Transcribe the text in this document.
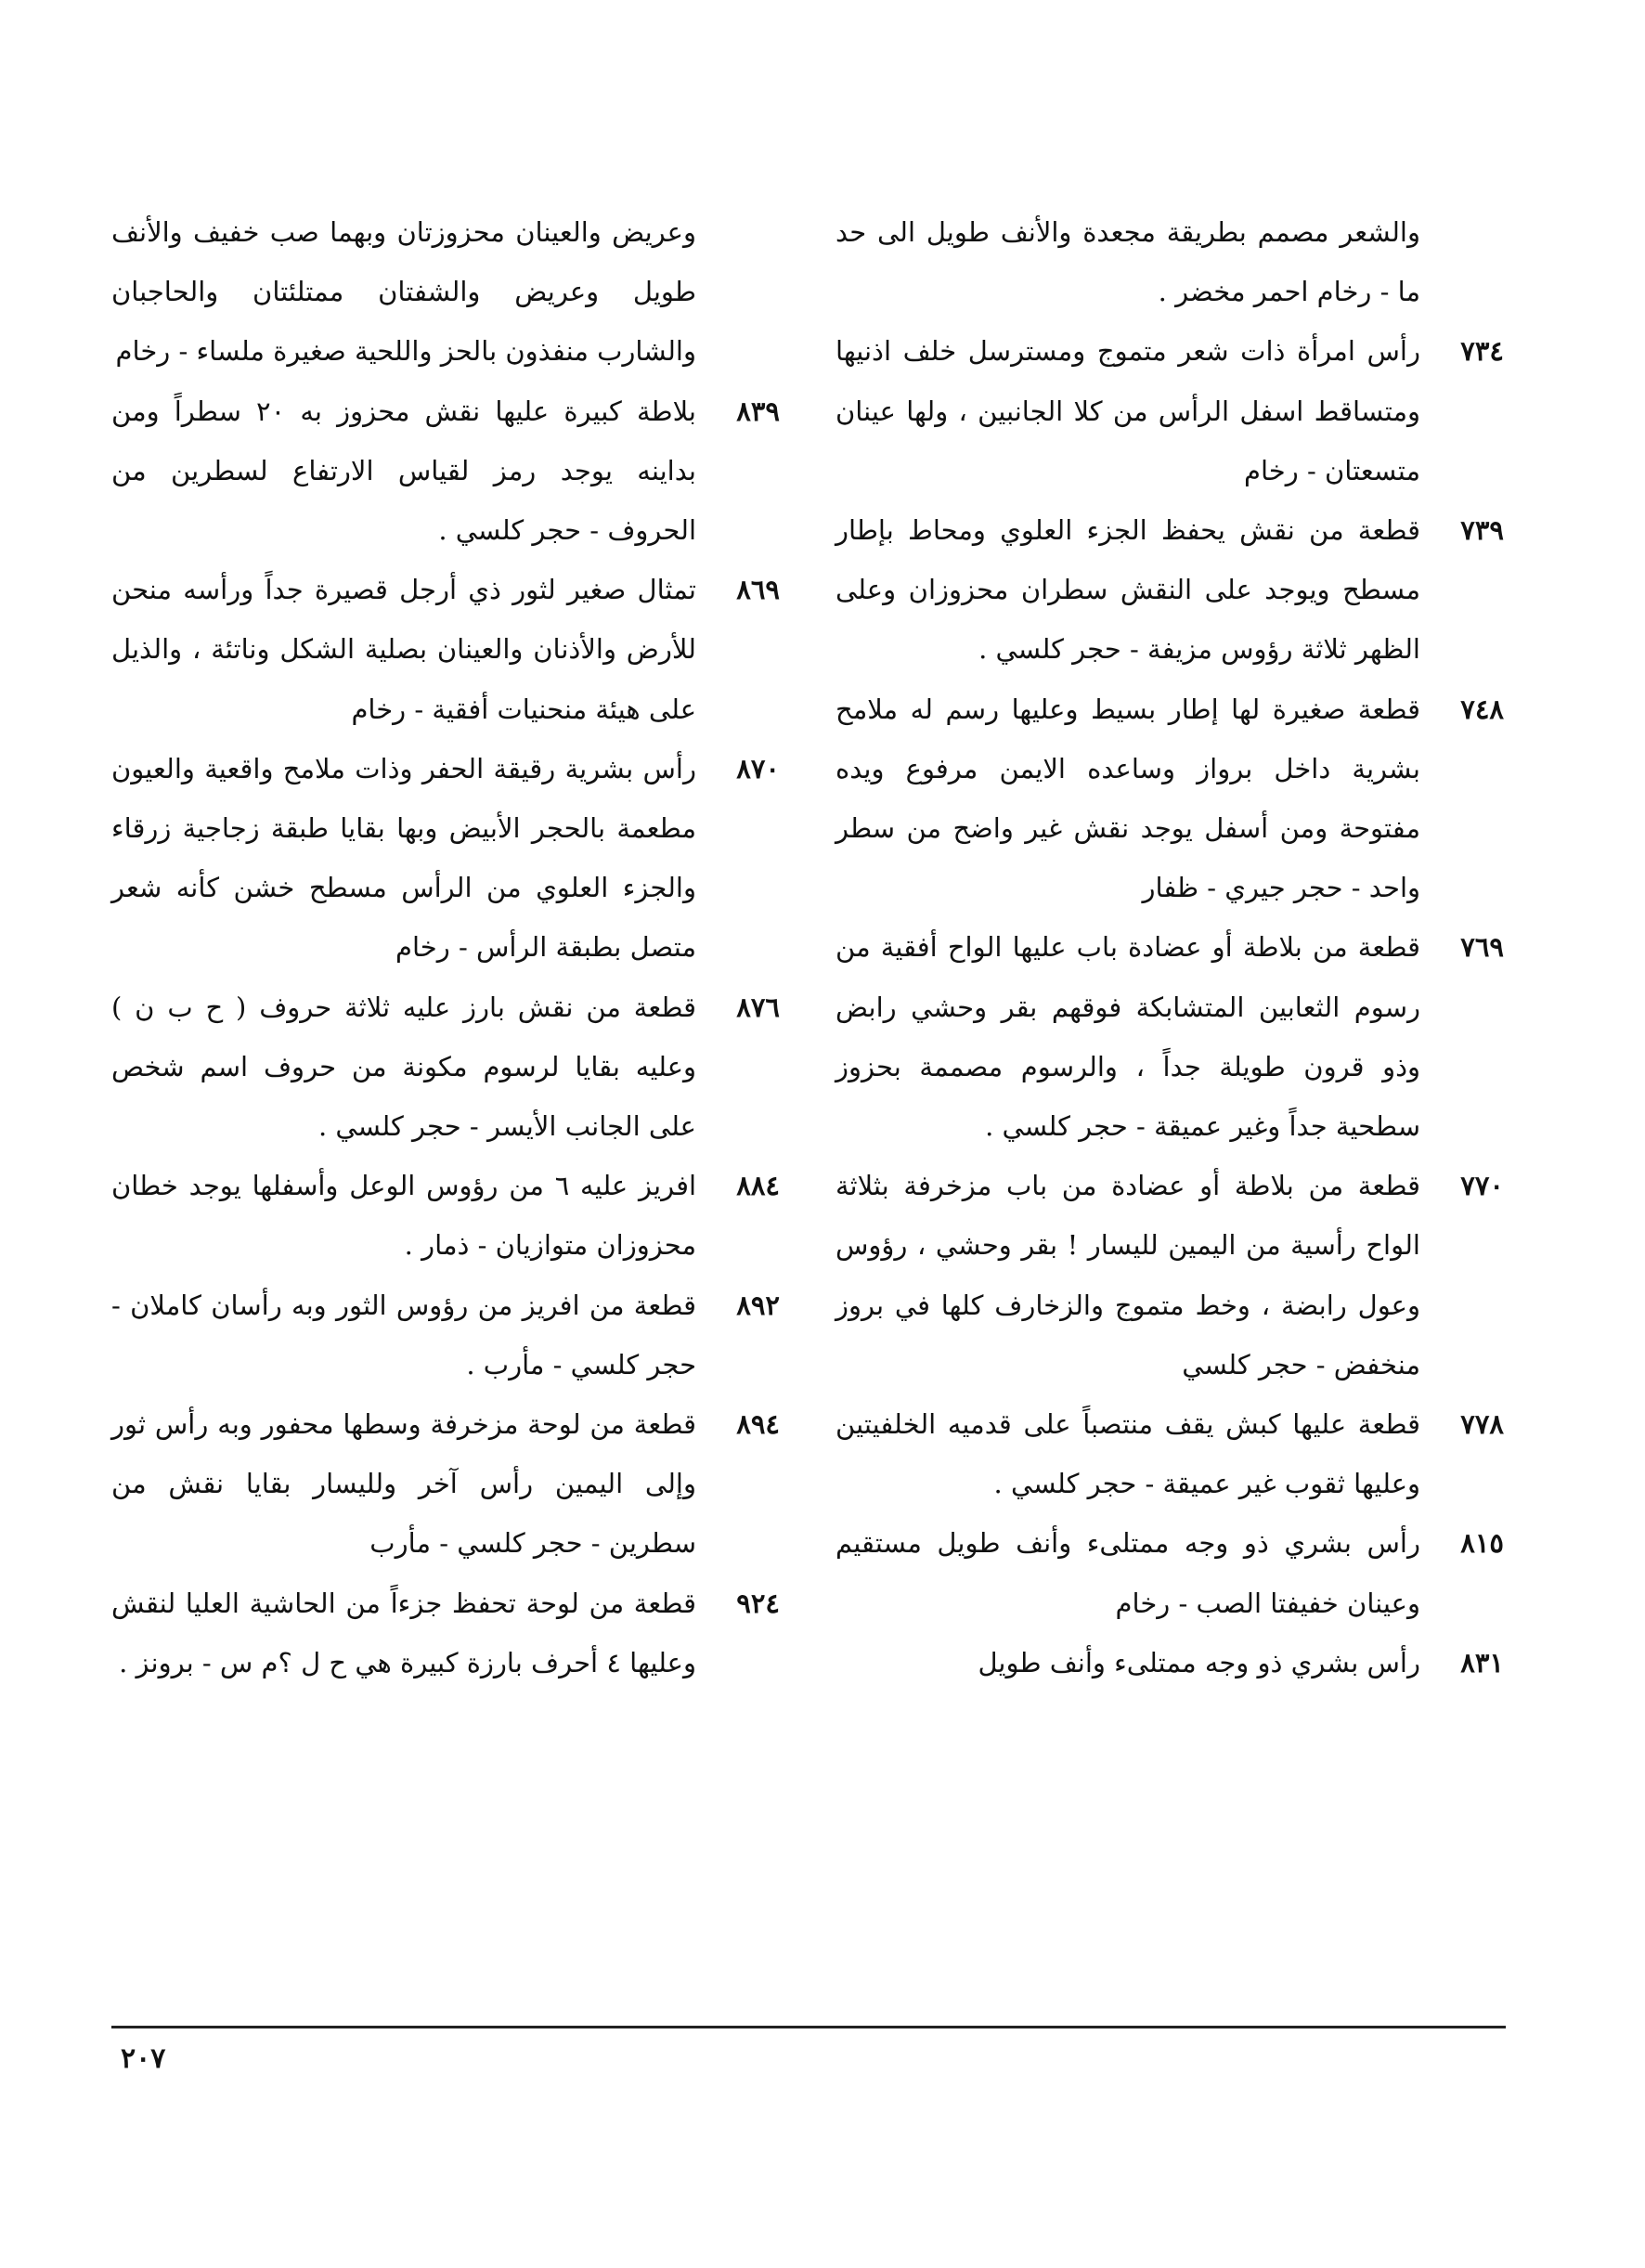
والشعر مصمم بطريقة مجعدة والأنف طويل الى حد ما - رخام احمر مخضر .

٧٣٤رأس امرأة ذات شعر متموج ومسترسل خلف اذنيها ومتساقط اسفل الرأس من كلا الجانبين ، ولها عينان متسعتان - رخام

٧٣٩قطعة من نقش يحفظ الجزء العلوي ومحاط بإطار مسطح ويوجد على النقش سطران محزوزان وعلى الظهر ثلاثة رؤوس مزيفة - حجر كلسي .

٧٤٨قطعة صغيرة لها إطار بسيط وعليها رسم له ملامح بشرية داخل برواز وساعده الايمن مرفوع ويده مفتوحة ومن أسفل يوجد نقش غير واضح من سطر واحد - حجر جيري - ظفار

٧٦٩قطعة من بلاطة أو عضادة باب عليها الواح أفقية من رسوم الثعابين المتشابكة فوقهم بقر وحشي رابض وذو قرون طويلة جداً ، والرسوم مصممة بحزوز سطحية جداً وغير عميقة - حجر كلسي .

٧٧٠قطعة من بلاطة أو عضادة من باب مزخرفة بثلاثة الواح رأسية من اليمين لليسار ! بقر وحشي ، رؤوس وعول رابضة ، وخط متموج والزخارف كلها في بروز منخفض - حجر كلسي

٧٧٨قطعة عليها كبش يقف منتصباً على قدميه الخلفيتين وعليها ثقوب غير عميقة - حجر كلسي .

٨١٥رأس بشري ذو وجه ممتلىء وأنف طويل مستقيم وعينان خفيفتا الصب - رخام

٨٣١رأس بشري ذو وجه ممتلىء وأنف طويل

وعريض والعينان محزوزتان وبهما صب خفيف والأنف طويل وعريض والشفتان ممتلئتان والحاجبان والشارب منفذون بالحز واللحية صغيرة ملساء - رخام

٨٣٩بلاطة كبيرة عليها نقش محزوز به ٢٠ سطراً ومن بداينه يوجد رمز لقياس الارتفاع لسطرين من الحروف - حجر كلسي .

٨٦٩تمثال صغير لثور ذي أرجل قصيرة جداً ورأسه منحن للأرض والأذنان والعينان بصلية الشكل وناتئة ، والذيل على هيئة منحنيات أفقية - رخام

٨٧٠رأس بشرية رقيقة الحفر وذات ملامح واقعية والعيون مطعمة بالحجر الأبيض وبها بقايا طبقة زجاجية زرقاء والجزء العلوي من الرأس مسطح خشن كأنه شعر متصل بطبقة الرأس - رخام

٨٧٦قطعة من نقش بارز عليه ثلاثة حروف ( ح ب ن ) وعليه بقايا لرسوم مكونة من حروف اسم شخص على الجانب الأيسر - حجر كلسي .

٨٨٤افريز عليه ٦ من رؤوس الوعل وأسفلها يوجد خطان محزوزان متوازيان - ذمار .

٨٩٢قطعة من افريز من رؤوس الثور وبه رأسان كاملان - حجر كلسي - مأرب .

٨٩٤قطعة من لوحة مزخرفة وسطها محفور وبه رأس ثور وإلى اليمين رأس آخر ولليسار بقايا نقش من سطرين - حجر كلسي - مأرب

٩٢٤قطعة من لوحة تحفظ جزءاً من الحاشية العليا لنقش وعليها ٤ أحرف بارزة كبيرة هي ح ل ؟م س - برونز .

٢٠٧
